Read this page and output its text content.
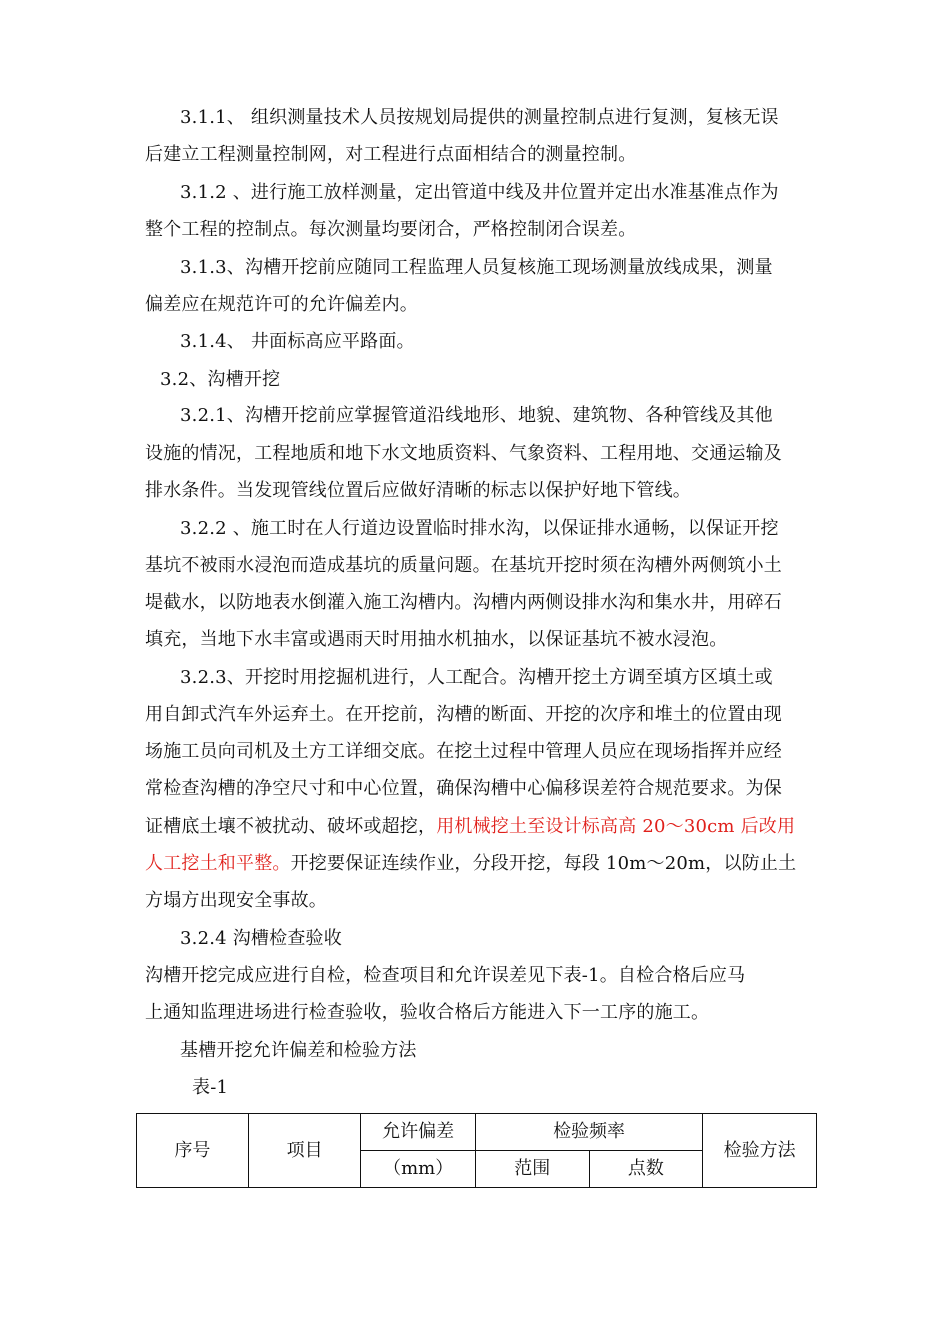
3.1.1、 组织测量技术人员按规划局提供的测量控制点进行复测，复核无误
后建立工程测量控制网，对工程进行点面相结合的测量控制。
3.1.2 、进行施工放样测量，定出管道中线及井位置并定出水准基准点作为
整个工程的控制点。每次测量均要闭合，严格控制闭合误差。
3.1.3、沟槽开挖前应随同工程监理人员复核施工现场测量放线成果，测量
偏差应在规范许可的允许偏差内。
3.1.4、 井面标高应平路面。
3.2、沟槽开挖
3.2.1、沟槽开挖前应掌握管道沿线地形、地貌、建筑物、各种管线及其他
设施的情况，工程地质和地下水文地质资料、气象资料、工程用地、交通运输及
排水条件。当发现管线位置后应做好清晰的标志以保护好地下管线。
3.2.2 、施工时在人行道边设置临时排水沟，以保证排水通畅，以保证开挖
基坑不被雨水浸泡而造成基坑的质量问题。在基坑开挖时须在沟槽外两侧筑小土
堤截水，以防地表水倒灌入施工沟槽内。沟槽内两侧设排水沟和集水井，用碎石
填充，当地下水丰富或遇雨天时用抽水机抽水，以保证基坑不被水浸泡。
3.2.3、开挖时用挖掘机进行，人工配合。沟槽开挖土方调至填方区填土或
用自卸式汽车外运弃土。在开挖前，沟槽的断面、开挖的次序和堆土的位置由现
场施工员向司机及土方工详细交底。在挖土过程中管理人员应在现场指挥并应经
常检查沟槽的净空尺寸和中心位置，确保沟槽中心偏移误差符合规范要求。为保
证槽底土壤不被扰动、破坏或超挖，用机械挖土至设计标高高 20～30cm 后改用
人工挖土和平整。开挖要保证连续作业，分段开挖，每段 10m～20m，以防止土
方塌方出现安全事故。
3.2.4 沟槽检查验收
沟槽开挖完成应进行自检，检查项目和允许误差见下表-1。自检合格后应马
上通知监理进场进行检查验收，验收合格后方能进入下一工序的施工。
基槽开挖允许偏差和检验方法
表-1
序号	项目	允许偏差	检验频率		检验方法
		（mm）	范围	点数	
